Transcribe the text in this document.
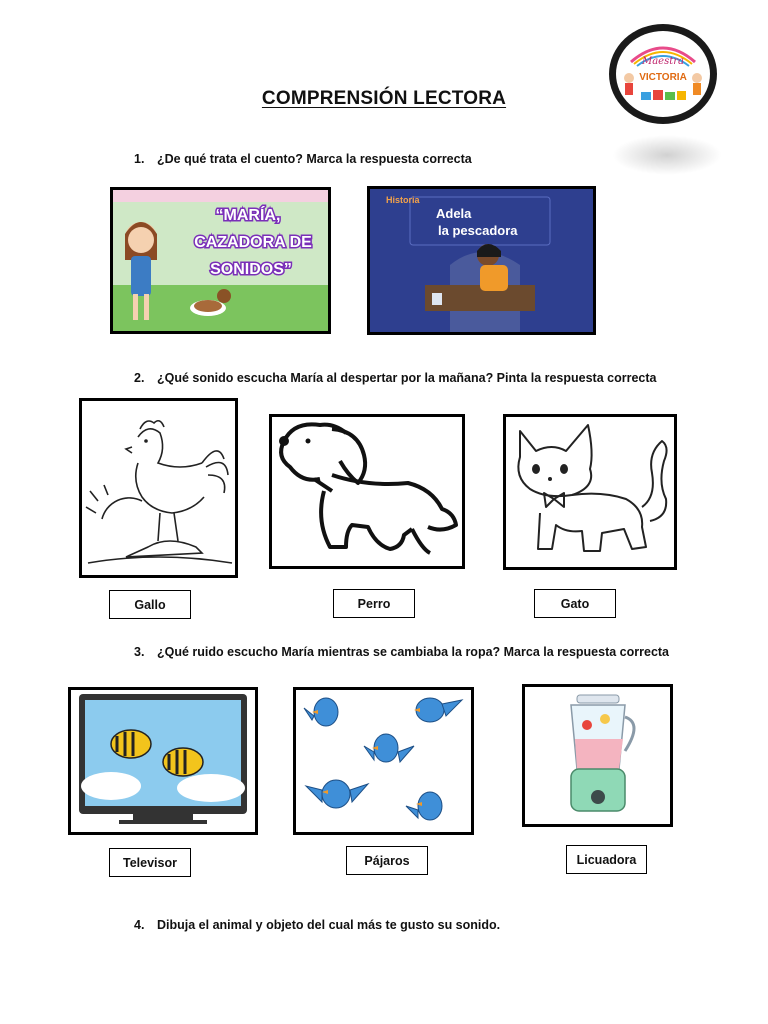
Maestra
VICTORIA
COMPRENSIÓN LECTORA
1. ¿De qué trata el cuento? Marca la respuesta correcta
“MARÍA,
CAZADORA DE
SONIDOS”
Historia
Adela
la pescadora
2. ¿Qué sonido escucha María al despertar por la mañana? Pinta la respuesta correcta
Gallo	Perro	Gato
3. ¿Qué ruido escucho María mientras se cambiaba la ropa? Marca la respuesta correcta
Televisor	Pájaros	Licuadora
4. Dibuja el animal y objeto del cual más te gusto su sonido.
